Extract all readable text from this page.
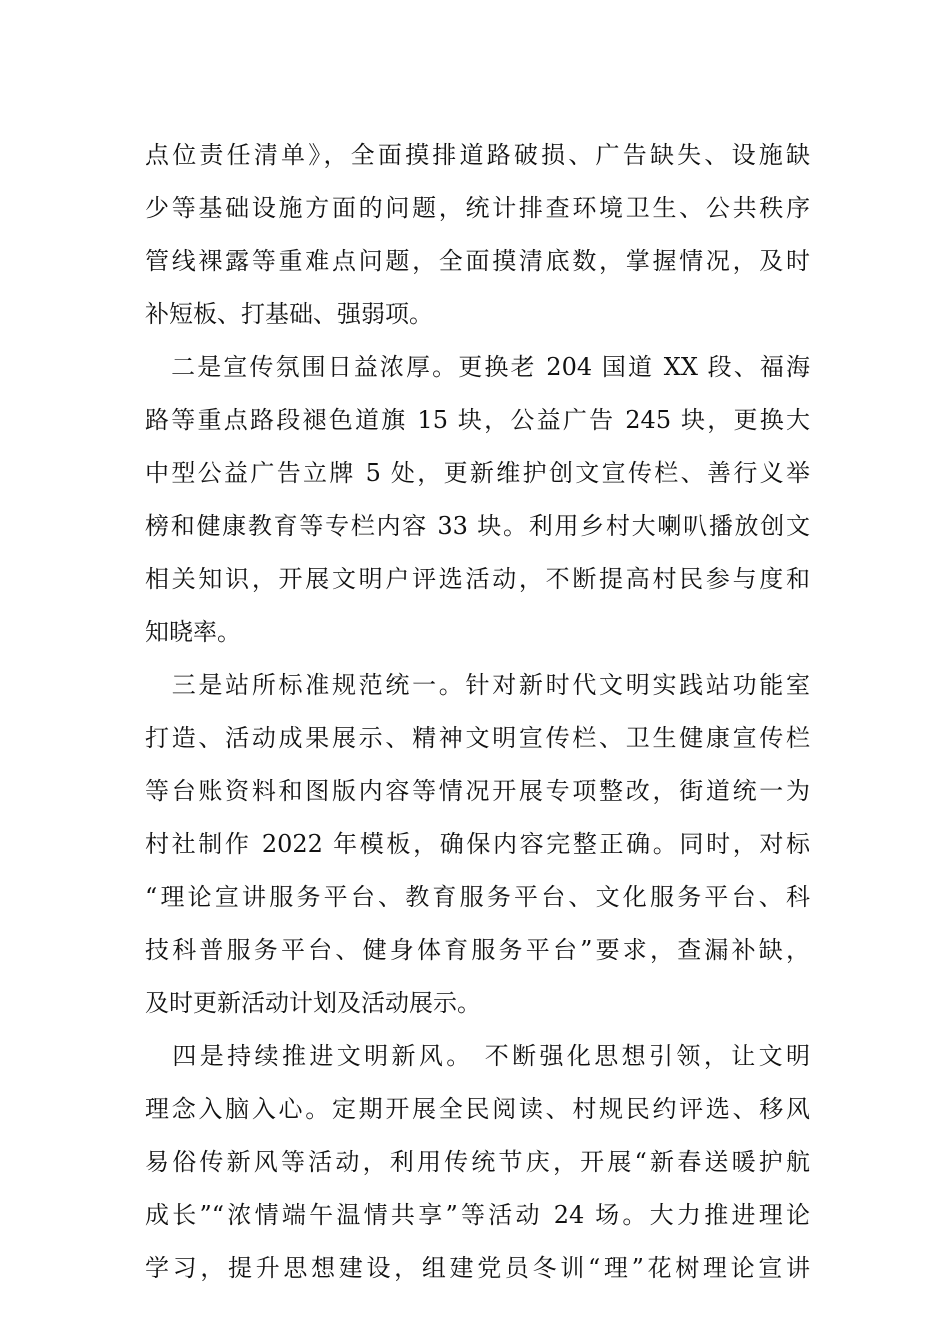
点位责任清单》，全面摸排道路破损、广告缺失、设施缺
少等基础设施方面的问题，统计排查环境卫生、公共秩序
管线裸露等重难点问题，全面摸清底数，掌握情况，及时
补短板、打基础、强弱项。
　二是宣传氛围日益浓厚。更换老 204 国道 XX 段、福海
路等重点路段褪色道旗 15 块，公益广告 245 块，更换大
中型公益广告立牌 5 处，更新维护创文宣传栏、善行义举
榜和健康教育等专栏内容 33 块。利用乡村大喇叭播放创文
相关知识，开展文明户评选活动，不断提高村民参与度和
知晓率。
　三是站所标准规范统一。针对新时代文明实践站功能室
打造、活动成果展示、精神文明宣传栏、卫生健康宣传栏
等台账资料和图版内容等情况开展专项整改，街道统一为
村社制作 2022 年模板，确保内容完整正确。同时，对标
“理论宣讲服务平台、教育服务平台、文化服务平台、科
技科普服务平台、健身体育服务平台”要求，查漏补缺，
及时更新活动计划及活动展示。
　四是持续推进文明新风。 不断强化思想引领，让文明
理念入脑入心。定期开展全民阅读、村规民约评选、移风
易俗传新风等活动，利用传统节庆，开展“新春送暖护航
成长”“浓情端午温情共享”等活动 24 场。大力推进理论
学习，提升思想建设，组建党员冬训“理”花树理论宣讲
